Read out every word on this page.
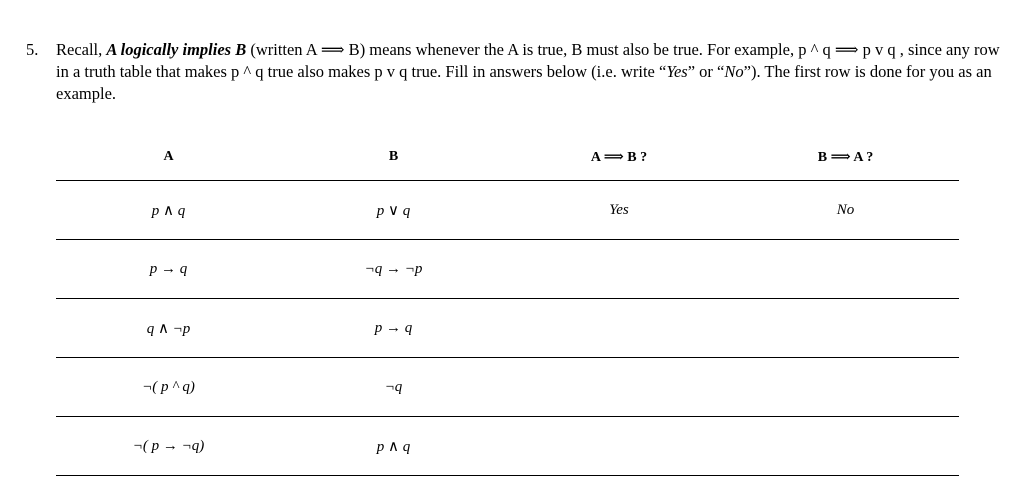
5. Recall, A logically implies B (written A ⟹ B) means whenever the A is true, B must also be true. For example, p ^ q ⟹ p v q , since any row in a truth table that makes p ^ q true also makes p v q true. Fill in answers below (i.e. write “Yes” or “No”). The first row is done for you as an example.
A	B	A ⟹ B ?	B ⟹ A ?
p ∧ q	p ∨ q	Yes	No
p → q	¬q → ¬p		
q ∧ ¬p	p → q		
¬( p ^ q)	¬q		
¬( p → ¬q)	p ∧ q		
